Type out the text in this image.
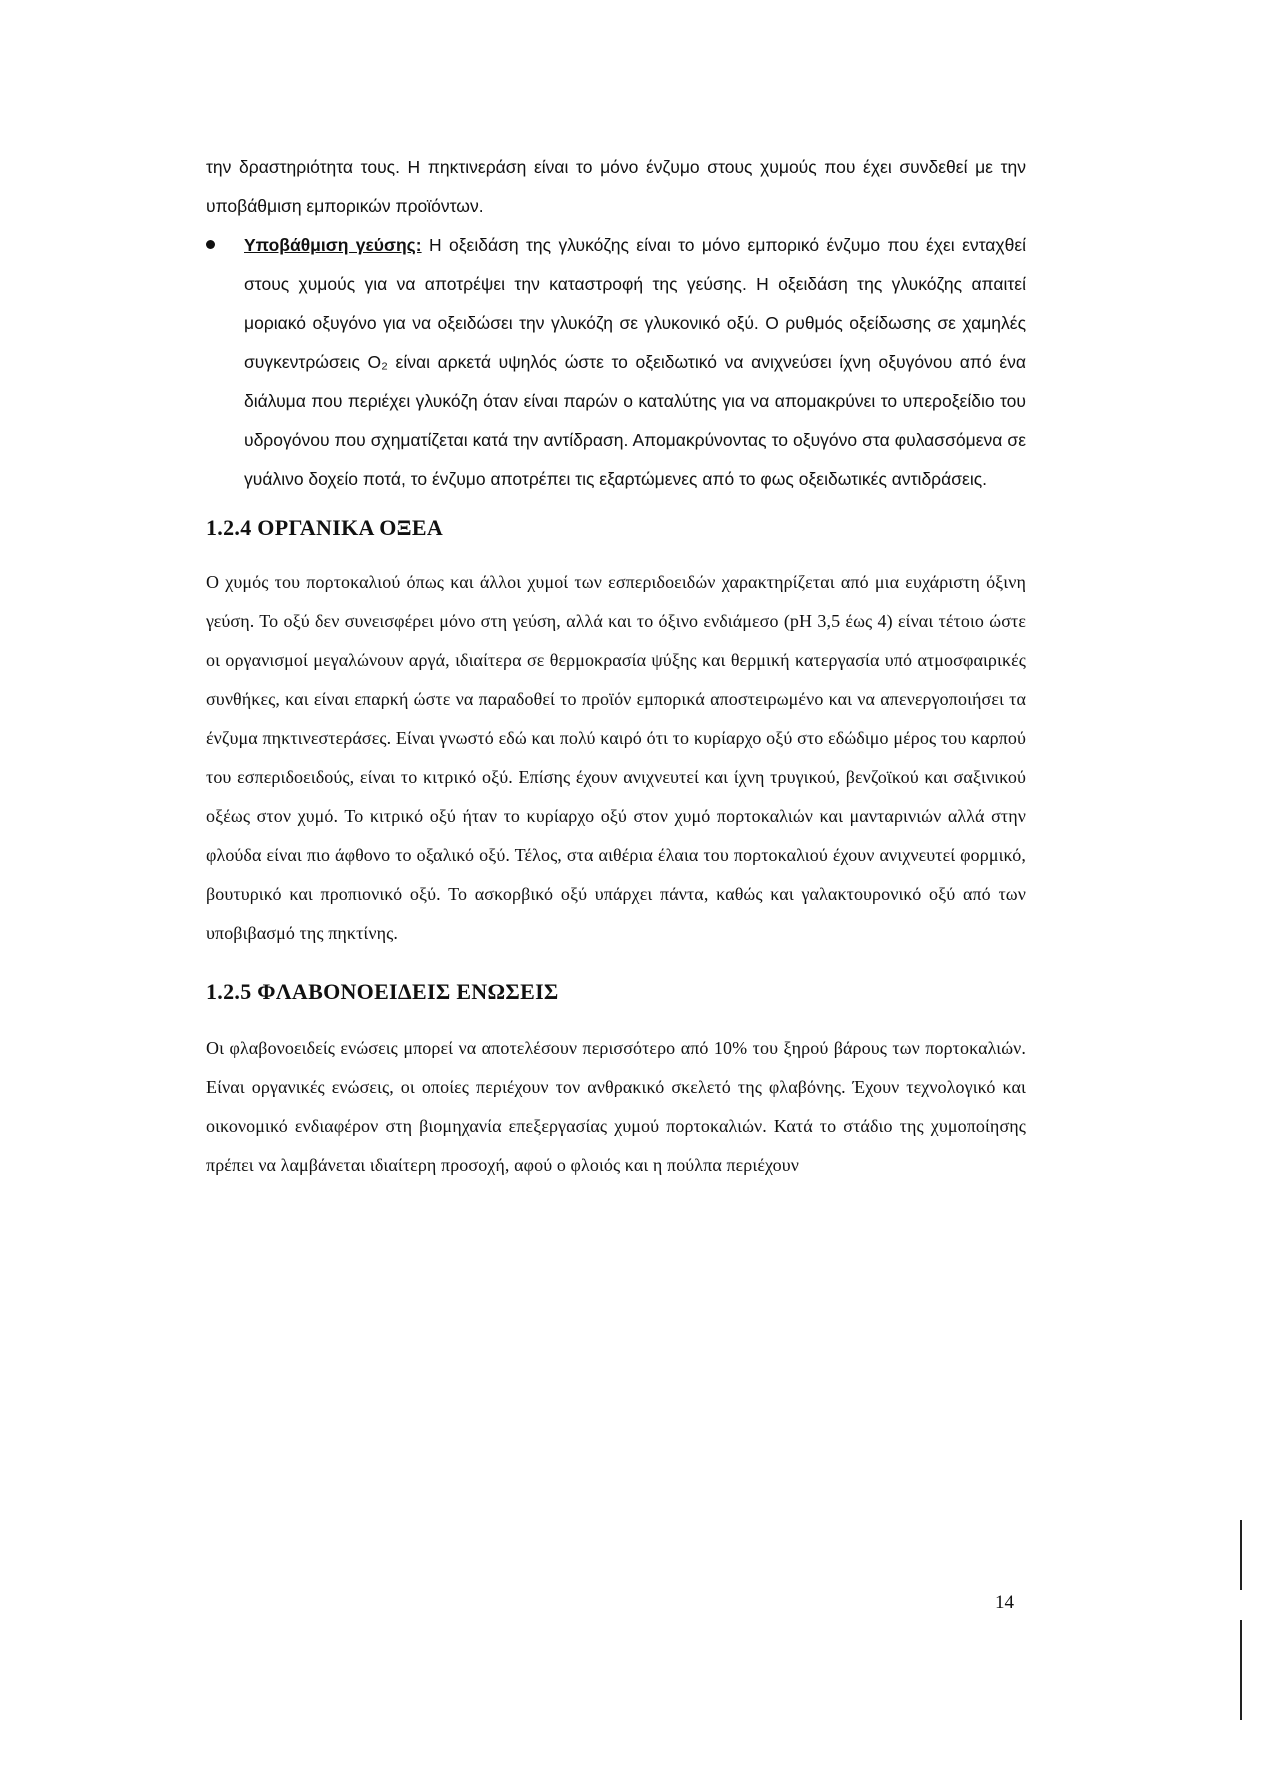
την δραστηριότητα τους. Η πηκτινεράση είναι το μόνο ένζυμο στους χυμούς που έχει συνδεθεί με την υποβάθμιση εμπορικών προϊόντων.

Υποβάθμιση γεύσης: Η οξειδάση της γλυκόζης είναι το μόνο εμπορικό ένζυμο που έχει ενταχθεί στους χυμούς για να αποτρέψει την καταστροφή της γεύσης. Η οξειδάση της γλυκόζης απαιτεί μοριακό οξυγόνο για να οξειδώσει την γλυκόζη σε γλυκονικό οξύ. Ο ρυθμός οξείδωσης σε χαμηλές συγκεντρώσεις O₂ είναι αρκετά υψηλός ώστε το οξειδωτικό να ανιχνεύσει ίχνη οξυγόνου από ένα διάλυμα που περιέχει γλυκόζη όταν είναι παρών ο καταλύτης για να απομακρύνει το υπεροξείδιο του υδρογόνου που σχηματίζεται κατά την αντίδραση. Απομακρύνοντας το οξυγόνο στα φυλασσόμενα σε γυάλινο δοχείο ποτά, το ένζυμο αποτρέπει τις εξαρτώμενες από το φως οξειδωτικές αντιδράσεις.

1.2.4 ΟΡΓΑΝΙΚΑ ΟΞΕΑ

Ο χυμός του πορτοκαλιού όπως και άλλοι χυμοί των εσπεριδοειδών χαρακτηρίζεται από μια ευχάριστη όξινη γεύση. Το οξύ δεν συνεισφέρει μόνο στη γεύση, αλλά και το όξινο ενδιάμεσο (pH 3,5 έως 4) είναι τέτοιο ώστε οι οργανισμοί μεγαλώνουν αργά, ιδιαίτερα σε θερμοκρασία ψύξης και θερμική κατεργασία υπό ατμοσφαιρικές συνθήκες, και είναι επαρκή ώστε να παραδοθεί το προϊόν εμπορικά αποστειρωμένο και να απενεργοποιήσει τα ένζυμα πηκτινεστεράσες. Είναι γνωστό εδώ και πολύ καιρό ότι το κυρίαρχο οξύ στο εδώδιμο μέρος του καρπού του εσπεριδοειδούς, είναι το κιτρικό οξύ. Επίσης έχουν ανιχνευτεί και ίχνη τρυγικού, βενζοϊκού και σαξινικού οξέως στον χυμό. Το κιτρικό οξύ ήταν το κυρίαρχο οξύ στον χυμό πορτοκαλιών και μανταρινιών αλλά στην φλούδα είναι πιο άφθονο το οξαλικό οξύ. Τέλος, στα αιθέρια έλαια του πορτοκαλιού έχουν ανιχνευτεί φορμικό, βουτυρικό και προπιονικό οξύ. Το ασκορβικό οξύ υπάρχει πάντα, καθώς και γαλακτουρονικό οξύ από των υποβιβασμό της πηκτίνης.

1.2.5 ΦΛΑΒΟΝΟΕΙΔΕΙΣ ΕΝΩΣΕΙΣ

Οι φλαβονοειδείς ενώσεις μπορεί να αποτελέσουν περισσότερο από 10% του ξηρού βάρους των πορτοκαλιών. Είναι οργανικές ενώσεις, οι οποίες περιέχουν τον ανθρακικό σκελετό της φλαβόνης. Έχουν τεχνολογικό και οικονομικό ενδιαφέρον στη βιομηχανία επεξεργασίας χυμού πορτοκαλιών. Κατά το στάδιο της χυμοποίησης πρέπει να λαμβάνεται ιδιαίτερη προσοχή, αφού ο φλοιός και η πούλπα περιέχουν

14
